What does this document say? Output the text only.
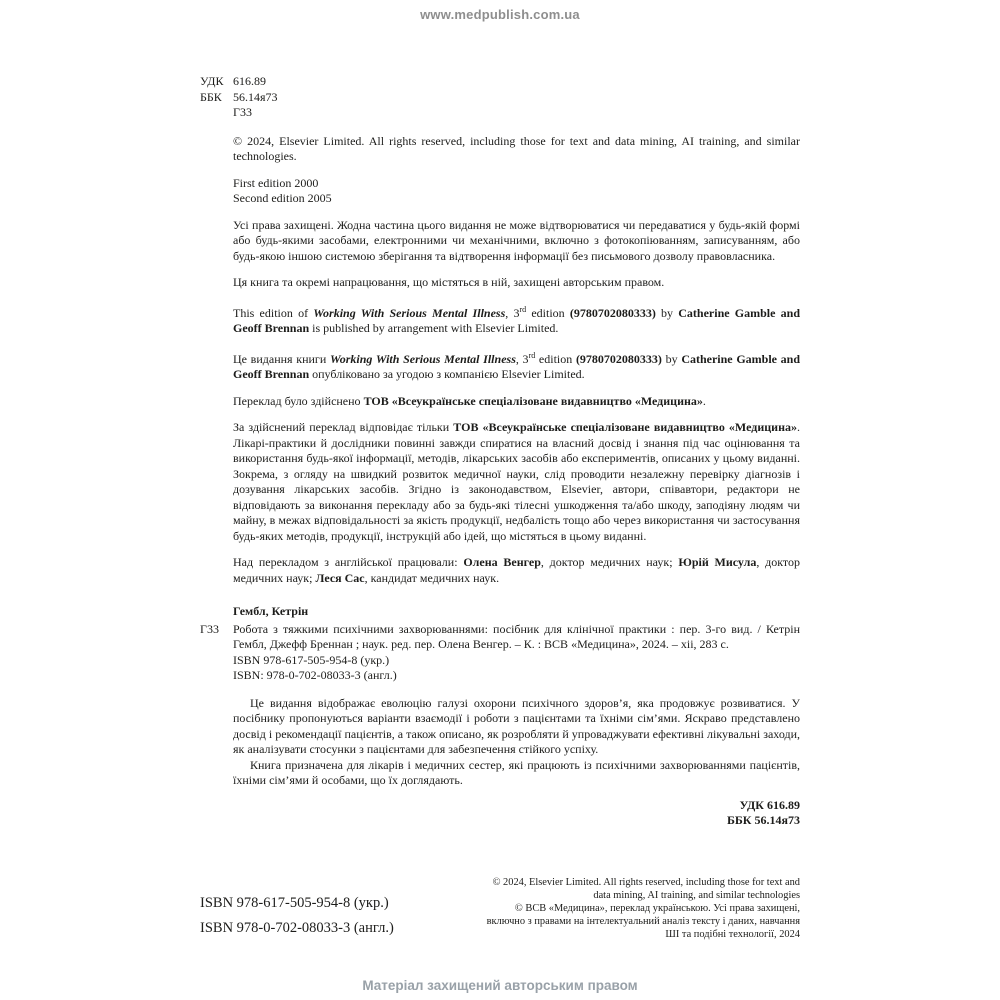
www.medpublish.com.ua
УДК 616.89
ББК 56.14я73
Г33

© 2024, Elsevier Limited. All rights reserved, including those for text and data mining, AI training, and similar technologies.

First edition 2000
Second edition 2005

Усі права захищені. Жодна частина цього видання не може відтворюватися чи передаватися у будь-якій формі або будь-якими засобами, електронними чи механічними, включно з фотокопіюванням, записуванням, або будь-якою іншою системою зберігання та відтворення інформації без письмового дозволу правовласника.

Ця книга та окремі напрацювання, що містяться в ній, захищені авторським правом.

This edition of Working With Serious Mental Illness, 3rd edition (9780702080333) by Catherine Gamble and Geoff Brennan is published by arrangement with Elsevier Limited.

Це видання книги Working With Serious Mental Illness, 3rd edition (9780702080333) by Catherine Gamble and Geoff Brennan опубліковано за угодою з компанією Elsevier Limited.

Переклад було здійснено ТОВ «Всеукраїнське спеціалізоване видавництво «Медицина».

За здійснений переклад відповідає тільки ТОВ «Всеукраїнське спеціалізоване видавництво «Медицина». Лікарі-практики й дослідники повинні завжди спиратися на власний досвід і знання під час оцінювання та використання будь-якої інформації, методів, лікарських засобів або експериментів, описаних у цьому виданні. Зокрема, з огляду на швидкий розвиток медичної науки, слід проводити незалежну перевірку діагнозів і дозування лікарських засобів. Згідно із законодавством, Elsevier, автори, співавтори, редактори не відповідають за виконання перекладу або за будь-які тілесні ушкодження та/або шкоду, заподіяну людям чи майну, в межах відповідальності за якість продукції, недбалість тощо або через використання чи застосування будь-яких методів, продукції, інструкцій або ідей, що містяться в цьому виданні.

Над перекладом з англійської працювали: Олена Венгер, доктор медичних наук; Юрій Мисула, доктор медичних наук; Леся Сас, кандидат медичних наук.

Гембл, Кетрін
Г33	Робота з тяжкими психічними захворюваннями: посібник для клінічної практики : пер. 3-го вид. / Кетрін Гембл, Джефф Бреннан ; наук. ред. пер. Олена Венгер. – К. : ВСВ «Медицина», 2024. – xii, 283 с.
ISBN 978-617-505-954-8 (укр.)
ISBN: 978-0-702-08033-3 (англ.)

Це видання відображає еволюцію галузі охорони психічного здоров’я, яка продовжує розвиватися. У посібнику пропонуються варіанти взаємодії і роботи з пацієнтами та їхніми сім’ями. Яскраво представлено досвід і рекомендації пацієнтів, а також описано, як розробляти й упроваджувати ефективні лікувальні заходи, як аналізувати стосунки з пацієнтами для забезпечення стійкого успіху.

Книга призначена для лікарів і медичних сестер, які працюють із психічними захворюваннями пацієнтів, їхніми сім’ями й особами, що їх доглядають.

УДК 616.89
ББК 56.14я73
ISBN 978-617-505-954-8 (укр.)
ISBN 978-0-702-08033-3 (англ.)
© 2024, Elsevier Limited. All rights reserved, including those for text and data mining, AI training, and similar technologies
© ВСВ «Медицина», переклад українською. Усі права захищені, включно з правами на інтелектуальний аналіз тексту і даних, навчання ШІ та подібні технології, 2024
Матеріал захищений авторським правом
